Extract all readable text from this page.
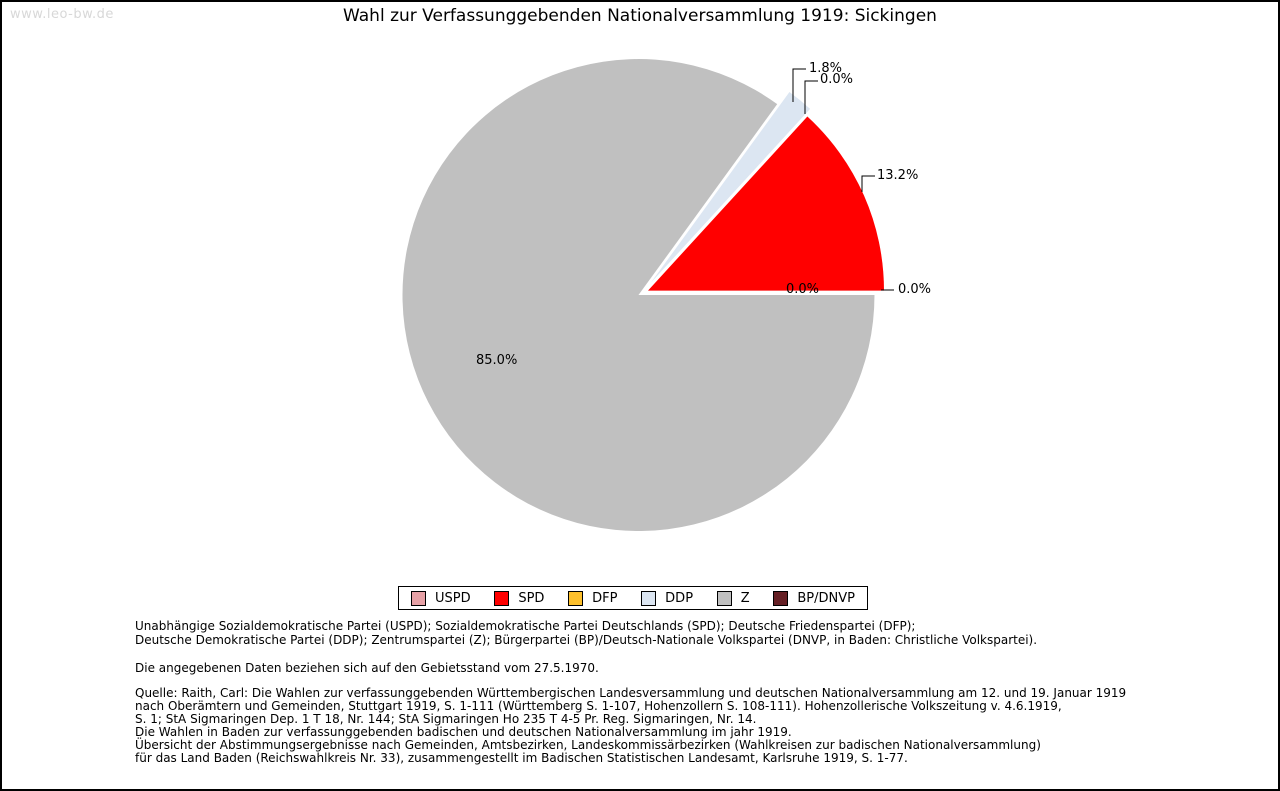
www.leo-bw.de	Wahl zur Verfassunggebenden Nationalversammlung 1919: Sickingen
1.8%
0.0%
13.2%
0.0%
0.0%
85.0%
USPD	SPD	DFP	DDP	Z	BP/DNVP
Unabhängige Sozialdemokratische Partei (USPD); Sozialdemokratische Partei Deutschlands (SPD); Deutsche Friedenspartei (DFP);
Deutsche Demokratische Partei (DDP); Zentrumspartei (Z); Bürgerpartei (BP)/Deutsch-Nationale Volkspartei (DNVP, in Baden: Christliche Volkspartei).
Die angegebenen Daten beziehen sich auf den Gebietsstand vom 27.5.1970.
Quelle: Raith, Carl: Die Wahlen zur verfassunggebenden Württembergischen Landesversammlung und deutschen Nationalversammlung am 12. und 19. Januar 1919
nach Oberämtern und Gemeinden, Stuttgart 1919, S. 1-111 (Württemberg S. 1-107, Hohenzollern S. 108-111). Hohenzollerische Volkszeitung v. 4.6.1919,
S. 1; StA Sigmaringen Dep. 1 T 18, Nr. 144; StA Sigmaringen Ho 235 T 4-5 Pr. Reg. Sigmaringen, Nr. 14.
Die Wahlen in Baden zur verfassunggebenden badischen und deutschen Nationalversammlung im jahr 1919.
Übersicht der Abstimmungsergebnisse nach Gemeinden, Amtsbezirken, Landeskommissärbezirken (Wahlkreisen zur badischen Nationalversammlung)
für das Land Baden (Reichswahlkreis Nr. 33), zusammengestellt im Badischen Statistischen Landesamt, Karlsruhe 1919, S. 1-77.
